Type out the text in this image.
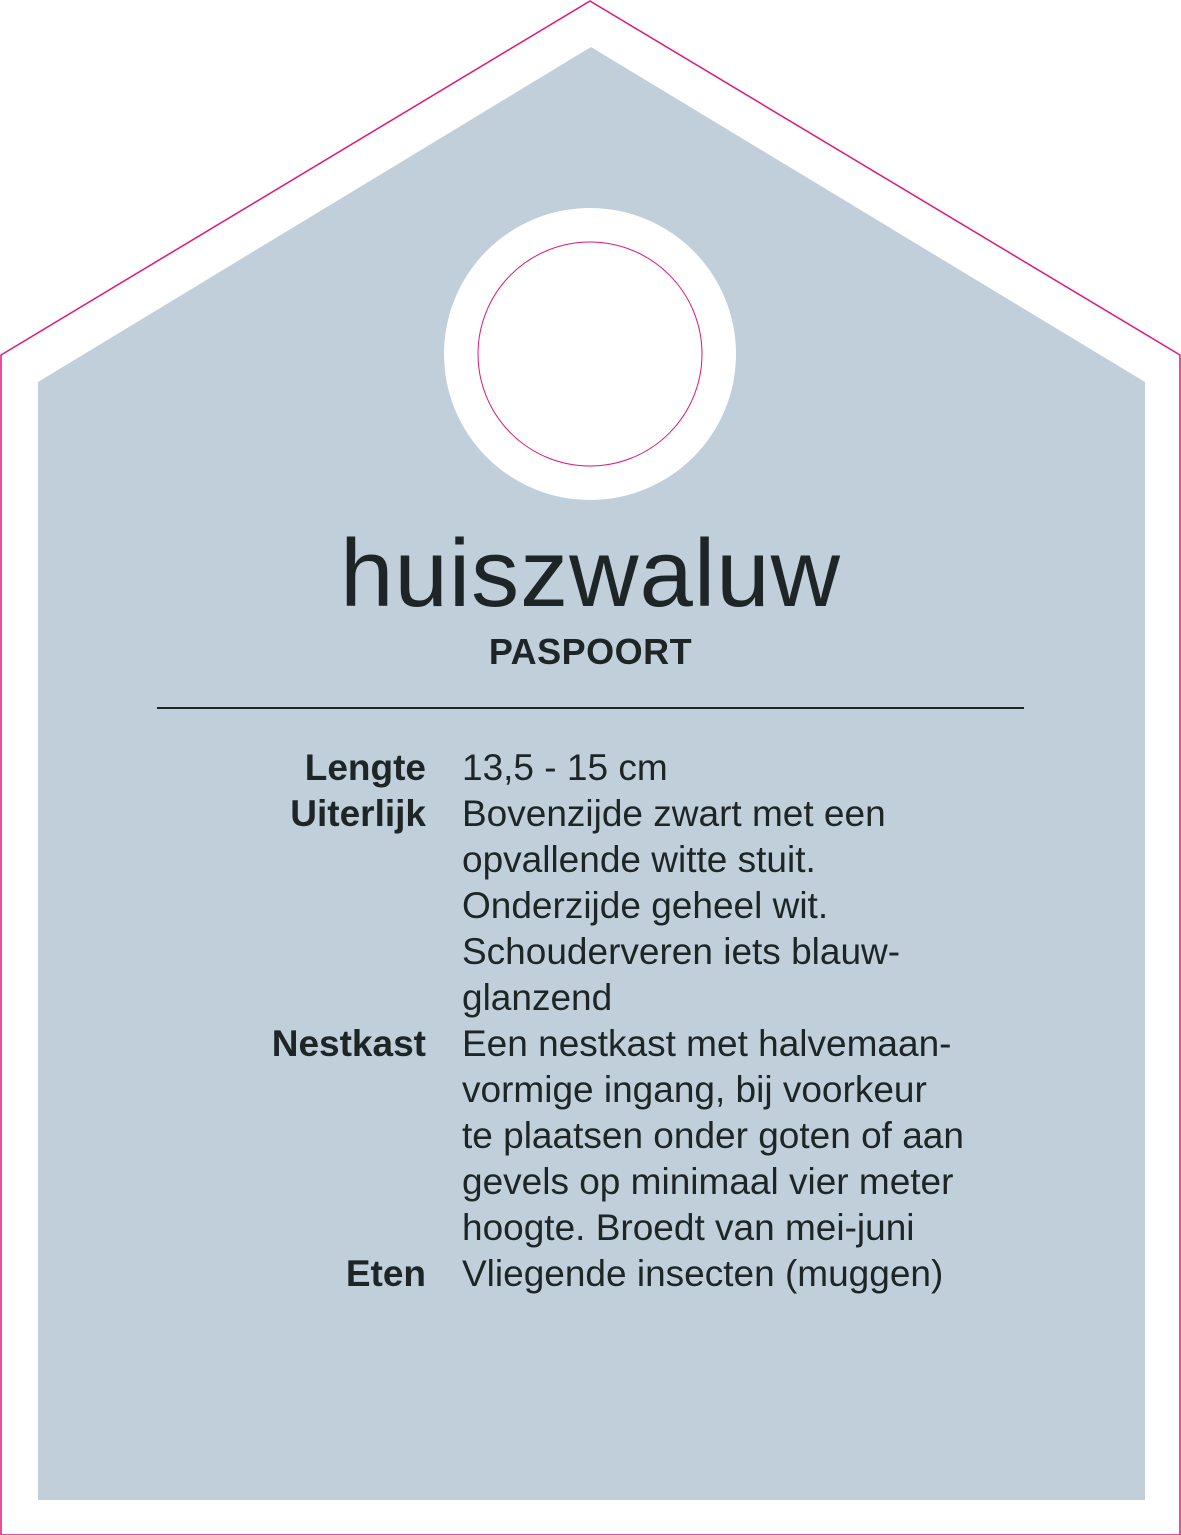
huiszwaluw
PASPOORT
Lengte 13,5 - 15 cm
Uiterlijk Bovenzijde zwart met een
opvallende witte stuit.
Onderzijde geheel wit.
Schouderveren iets blauw-
glanzend
Nestkast Een nestkast met halvemaan-
vormige ingang, bij voorkeur
te plaatsen onder goten of aan
gevels op minimaal vier meter
hoogte. Broedt van mei-juni
Eten Vliegende insecten (muggen)
